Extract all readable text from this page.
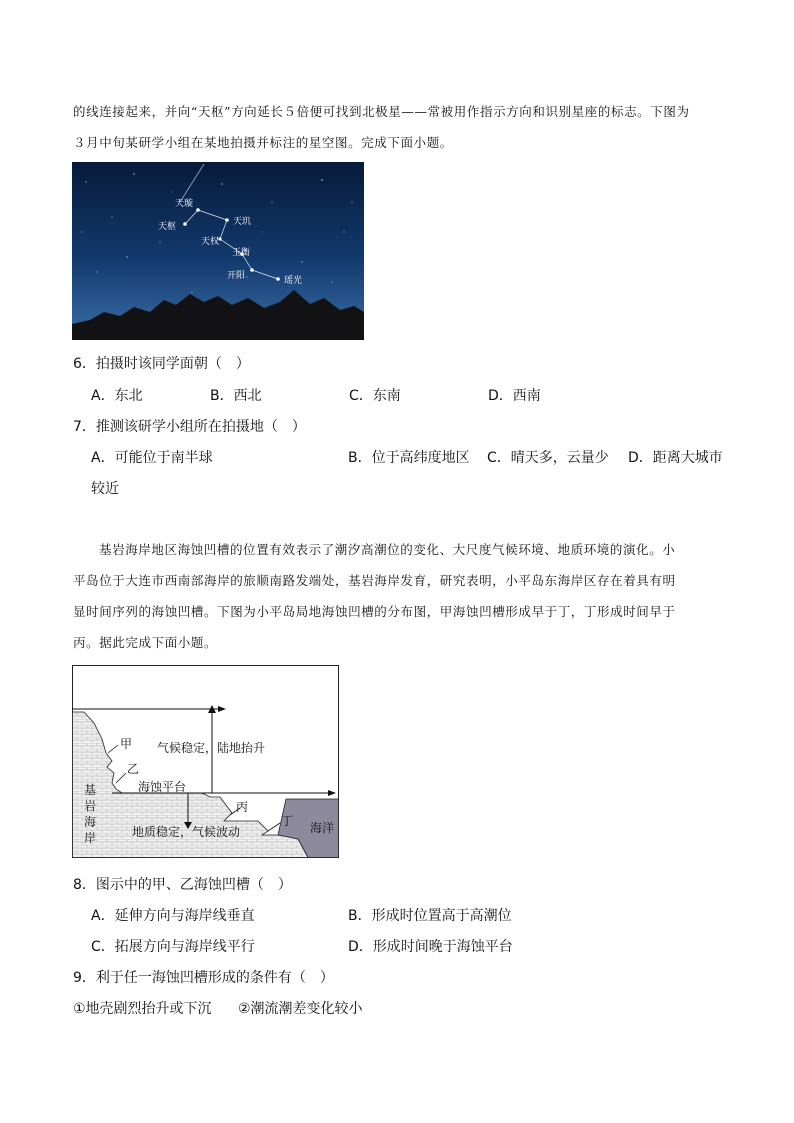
的线连接起来，并向“天枢”方向延长５倍便可找到北极星——常被用作指示方向和识别星座的标志。下图为
３月中旬某研学小组在某地拍摄并标注的星空图。完成下面小题。
天璇
天枢	天玑
天权
玉衡
开阳	瑶光
6．拍摄时该同学面朝（　）
A．东北	B．西北	C．东南	D．西南
7．推测该研学小组所在拍摄地（　）
A．可能位于南半球	B．位于高纬度地区 C．晴天多，云量少 D．距离大城市
较近
基岩海岸地区海蚀凹槽的位置有效表示了潮汐高潮位的变化、大尺度气候环境、地质环境的演化。小
平岛位于大连市西南部海岸的旅顺南路发端处，基岩海岸发育，研究表明，小平岛东海岸区存在着具有明
显时间序列的海蚀凹槽。下图为小平岛局地海蚀凹槽的分布图，甲海蚀凹槽形成早于丁，丁形成时间早于
丙。据此完成下面小题。
甲
乙
气候稳定，陆地抬升
海蚀平台
丙
丁
地质稳定，气候波动	海洋
基
岩
海
岸
8．图示中的甲、乙海蚀凹槽（　）
A．延伸方向与海岸线垂直	B．形成时位置高于高潮位
C．拓展方向与海岸线平行	D．形成时间晚于海蚀平台
9．利于任一海蚀凹槽形成的条件有（　）
①地壳剧烈抬升或下沉 ②潮流潮差变化较小
